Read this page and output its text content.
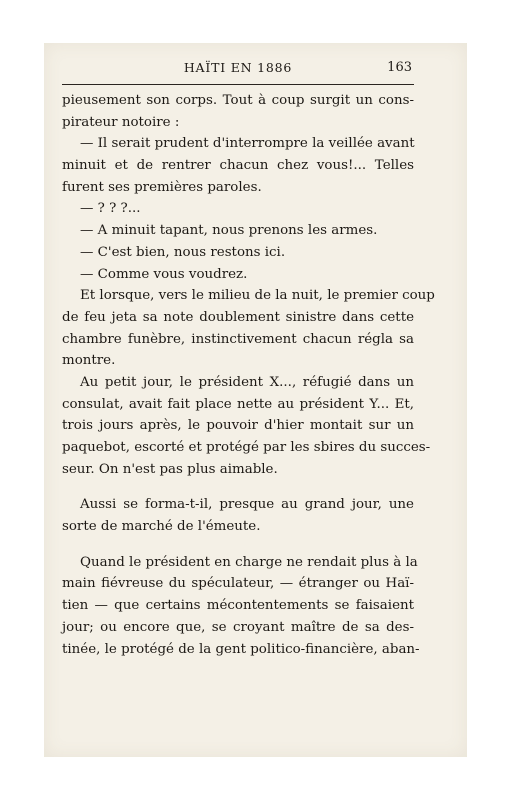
HAÏTI EN 1886	163
pieusement son corps. Tout à coup surgit un cons-
pirateur notoire :
— Il serait prudent d'interrompre la veillée avant
minuit et de rentrer chacun chez vous!... Telles
furent ses premières paroles.
— ? ? ?...
— A minuit tapant, nous prenons les armes.
— C'est bien, nous restons ici.
— Comme vous voudrez.
Et lorsque, vers le milieu de la nuit, le premier coup
de feu jeta sa note doublement sinistre dans cette
chambre funèbre, instinctivement chacun régla sa
montre.
Au petit jour, le président X..., réfugié dans un
consulat, avait fait place nette au président Y... Et,
trois jours après, le pouvoir d'hier montait sur un
paquebot, escorté et protégé par les sbires du succes-
seur. On n'est pas plus aimable.
Aussi se forma-t-il, presque au grand jour, une
sorte de marché de l'émeute.
Quand le président en charge ne rendait plus à la
main fiévreuse du spéculateur, — étranger ou Haï-
tien — que certains mécontentements se faisaient
jour; ou encore que, se croyant maître de sa des-
tinée, le protégé de la gent politico-financière, aban-
